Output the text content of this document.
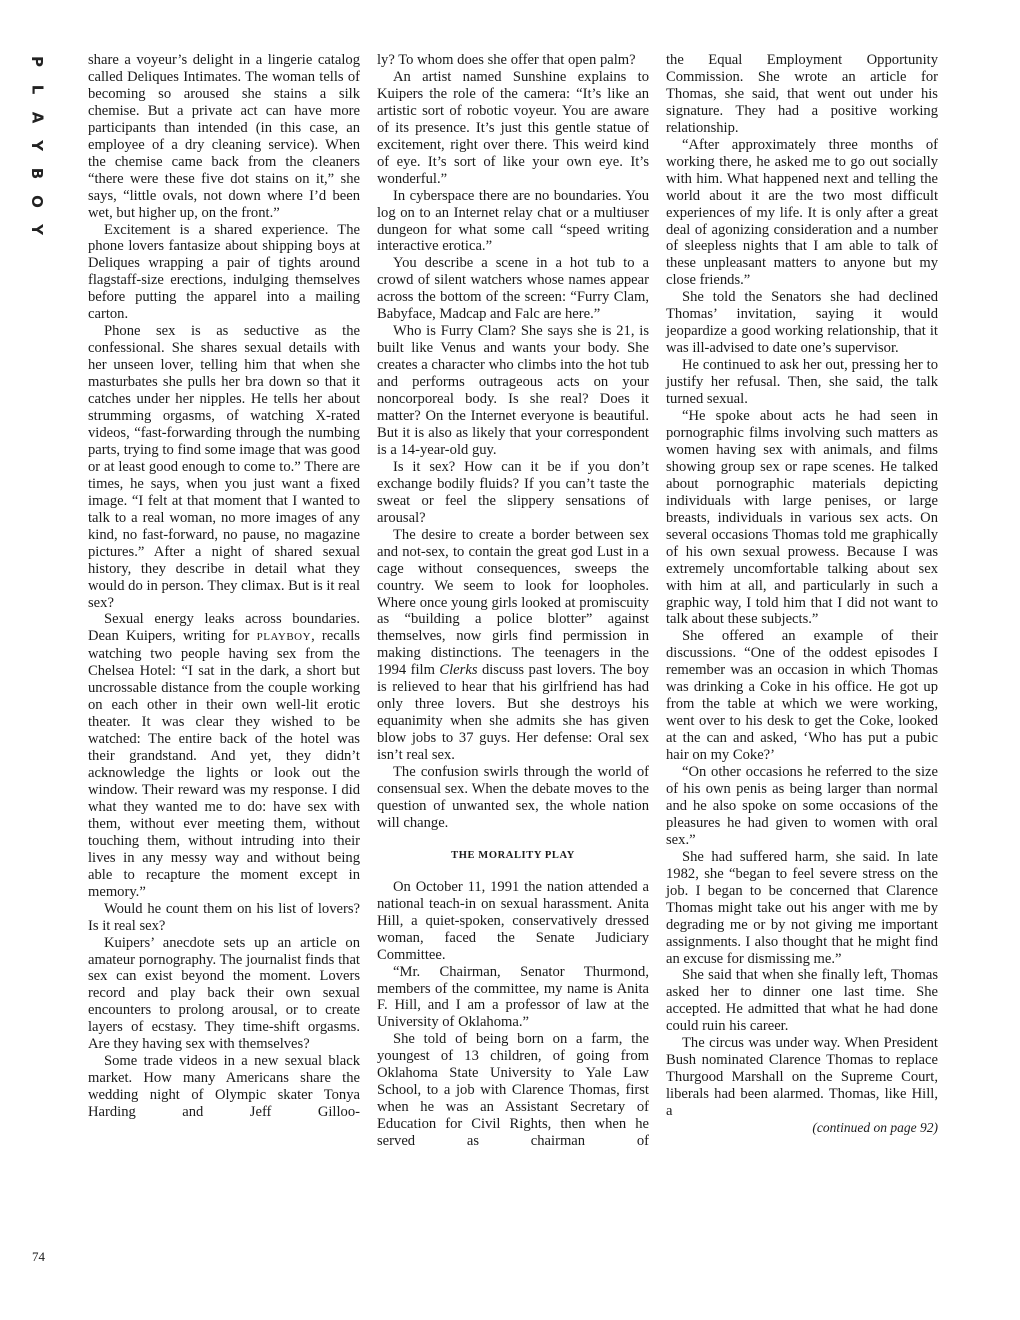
P
L
A
Y
B
O
Y

share a voyeur’s delight in a lingerie catalog called Deliques Intimates. The woman tells of becoming so aroused she stains a silk chemise. But a private act can have more participants than intended (in this case, an employee of a dry cleaning service). When the chemise came back from the cleaners “there were these five dot stains on it,” she says, “little ovals, not down where I’d been wet, but higher up, on the front.”

Excitement is a shared experience. The phone lovers fantasize about shipping boys at Deliques wrapping a pair of tights around flagstaff-size erections, indulging themselves before putting the apparel into a mailing carton.

Phone sex is as seductive as the confessional. She shares sexual details with her unseen lover, telling him that when she masturbates she pulls her bra down so that it catches under her nipples. He tells her about strumming orgasms, of watching X-rated videos, “fast-forwarding through the numbing parts, trying to find some image that was good or at least good enough to come to.” There are times, he says, when you just want a fixed image. “I felt at that moment that I wanted to talk to a real woman, no more images of any kind, no fast-forward, no pause, no magazine pictures.” After a night of shared sexual history, they describe in detail what they would do in person. They climax. But is it real sex?

Sexual energy leaks across boundaries. Dean Kuipers, writing for PLAYBOY, recalls watching two people having sex from the Chelsea Hotel: “I sat in the dark, a short but uncrossable distance from the couple working on each other in their own well-lit erotic theater. It was clear they wished to be watched: The entire back of the hotel was their grandstand. And yet, they didn’t acknowledge the lights or look out the window. Their reward was my response. I did what they wanted me to do: have sex with them, without ever meeting them, without touching them, without intruding into their lives in any messy way and without being able to recapture the moment except in memory.”

Would he count them on his list of lovers? Is it real sex?

Kuipers’ anecdote sets up an article on amateur pornography. The journalist finds that sex can exist beyond the moment. Lovers record and play back their own sexual encounters to prolong arousal, or to create layers of ecstasy. They time-shift orgasms. Are they having sex with themselves?

Some trade videos in a new sexual black market. How many Americans share the wedding night of Olympic skater Tonya Harding and Jeff Gilloo-

ly? To whom does she offer that open palm?

An artist named Sunshine explains to Kuipers the role of the camera: “It’s like an artistic sort of robotic voyeur. You are aware of its presence. It’s just this gentle statue of excitement, right over there. This weird kind of eye. It’s sort of like your own eye. It’s wonderful.”

In cyberspace there are no boundaries. You log on to an Internet relay chat or a multiuser dungeon for what some call “speed writing interactive erotica.”

You describe a scene in a hot tub to a crowd of silent watchers whose names appear across the bottom of the screen: “Furry Clam, Babyface, Madcap and Falc are here.”

Who is Furry Clam? She says she is 21, is built like Venus and wants your body. She creates a character who climbs into the hot tub and performs outrageous acts on your noncorporeal body. Is she real? Does it matter? On the Internet everyone is beautiful. But it is also as likely that your correspondent is a 14-year-old guy.

Is it sex? How can it be if you don’t exchange bodily fluids? If you can’t taste the sweat or feel the slippery sensations of arousal?

The desire to create a border between sex and not-sex, to contain the great god Lust in a cage without consequences, sweeps the country. We seem to look for loopholes. Where once young girls looked at promiscuity as “building a police blotter” against themselves, now girls find permission in making distinctions. The teenagers in the 1994 film Clerks discuss past lovers. The boy is relieved to hear that his girlfriend has had only three lovers. But she destroys his equanimity when she admits she has given blow jobs to 37 guys. Her defense: Oral sex isn’t real sex.

The confusion swirls through the world of consensual sex. When the debate moves to the question of unwanted sex, the whole nation will change.

THE MORALITY PLAY

On October 11, 1991 the nation attended a national teach-in on sexual harassment. Anita Hill, a quiet-spoken, conservatively dressed woman, faced the Senate Judiciary Committee.

“Mr. Chairman, Senator Thurmond, members of the committee, my name is Anita F. Hill, and I am a professor of law at the University of Oklahoma.”

She told of being born on a farm, the youngest of 13 children, of going from Oklahoma State University to Yale Law School, to a job with Clarence Thomas, first when he was an Assistant Secretary of Education for Civil Rights, then when he served as chairman of

the Equal Employment Opportunity Commission. She wrote an article for Thomas, she said, that went out under his signature. They had a positive working relationship.

“After approximately three months of working there, he asked me to go out socially with him. What happened next and telling the world about it are the two most difficult experiences of my life. It is only after a great deal of agonizing consideration and a number of sleepless nights that I am able to talk of these unpleasant matters to anyone but my close friends.”

She told the Senators she had declined Thomas’ invitation, saying it would jeopardize a good working relationship, that it was ill-advised to date one’s supervisor.

He continued to ask her out, pressing her to justify her refusal. Then, she said, the talk turned sexual.

“He spoke about acts he had seen in pornographic films involving such matters as women having sex with animals, and films showing group sex or rape scenes. He talked about pornographic materials depicting individuals with large penises, or large breasts, individuals in various sex acts. On several occasions Thomas told me graphically of his own sexual prowess. Because I was extremely uncomfortable talking about sex with him at all, and particularly in such a graphic way, I told him that I did not want to talk about these subjects.”

She offered an example of their discussions. “One of the oddest episodes I remember was an occasion in which Thomas was drinking a Coke in his office. He got up from the table at which we were working, went over to his desk to get the Coke, looked at the can and asked, ‘Who has put a pubic hair on my Coke?’

“On other occasions he referred to the size of his own penis as being larger than normal and he also spoke on some occasions of the pleasures he had given to women with oral sex.”

She had suffered harm, she said. In late 1982, she “began to feel severe stress on the job. I began to be concerned that Clarence Thomas might take out his anger with me by degrading me or by not giving me important assignments. I also thought that he might find an excuse for dismissing me.”

She said that when she finally left, Thomas asked her to dinner one last time. She accepted. He admitted that what he had done could ruin his career.

The circus was under way. When President Bush nominated Clarence Thomas to replace Thurgood Marshall on the Supreme Court, liberals had been alarmed. Thomas, like Hill, a

(continued on page 92)

74
